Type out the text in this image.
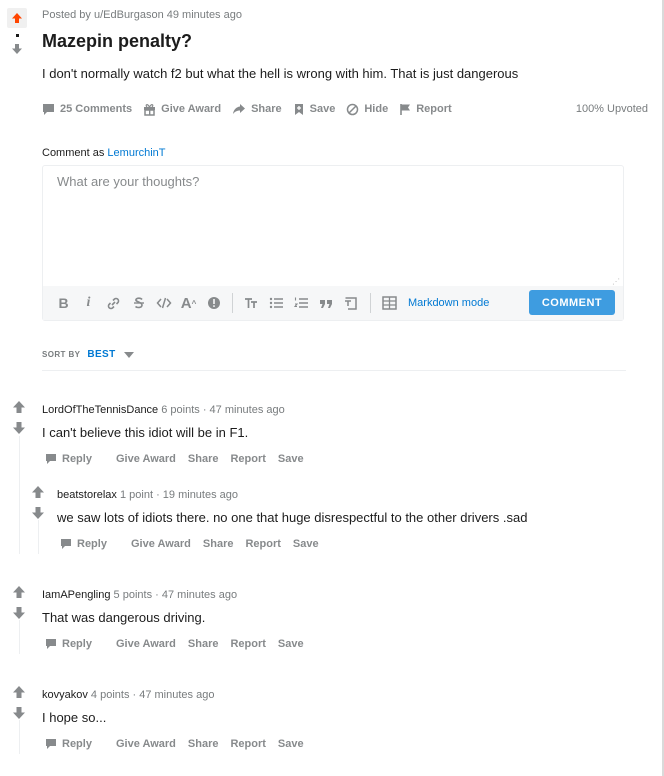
Posted by u/EdBurgason 49 minutes ago
Mazepin penalty?
I don't normally watch f2 but what the hell is wrong with him. That is just dangerous
25 Comments	Give Award	Share	Save	Hide	Report	100% Upvoted
Comment as LemurchinT
What are your thoughts?
⋰
B	i	A ^	Markdown mode	COMMENT
SORT BY BEST

LordOfTheTennisDance 6 points · 47 minutes ago
I can't believe this idiot will be in F1.
Reply Give Award Share Report Save

beatstorelax 1 point · 19 minutes ago
we saw lots of idiots there. no one that huge disrespectful to the other drivers .sad
Reply Give Award Share Report Save

IamAPengling 5 points · 47 minutes ago
That was dangerous driving.
Reply Give Award Share Report Save

kovyakov 4 points · 47 minutes ago
I hope so...
Reply Give Award Share Report Save
